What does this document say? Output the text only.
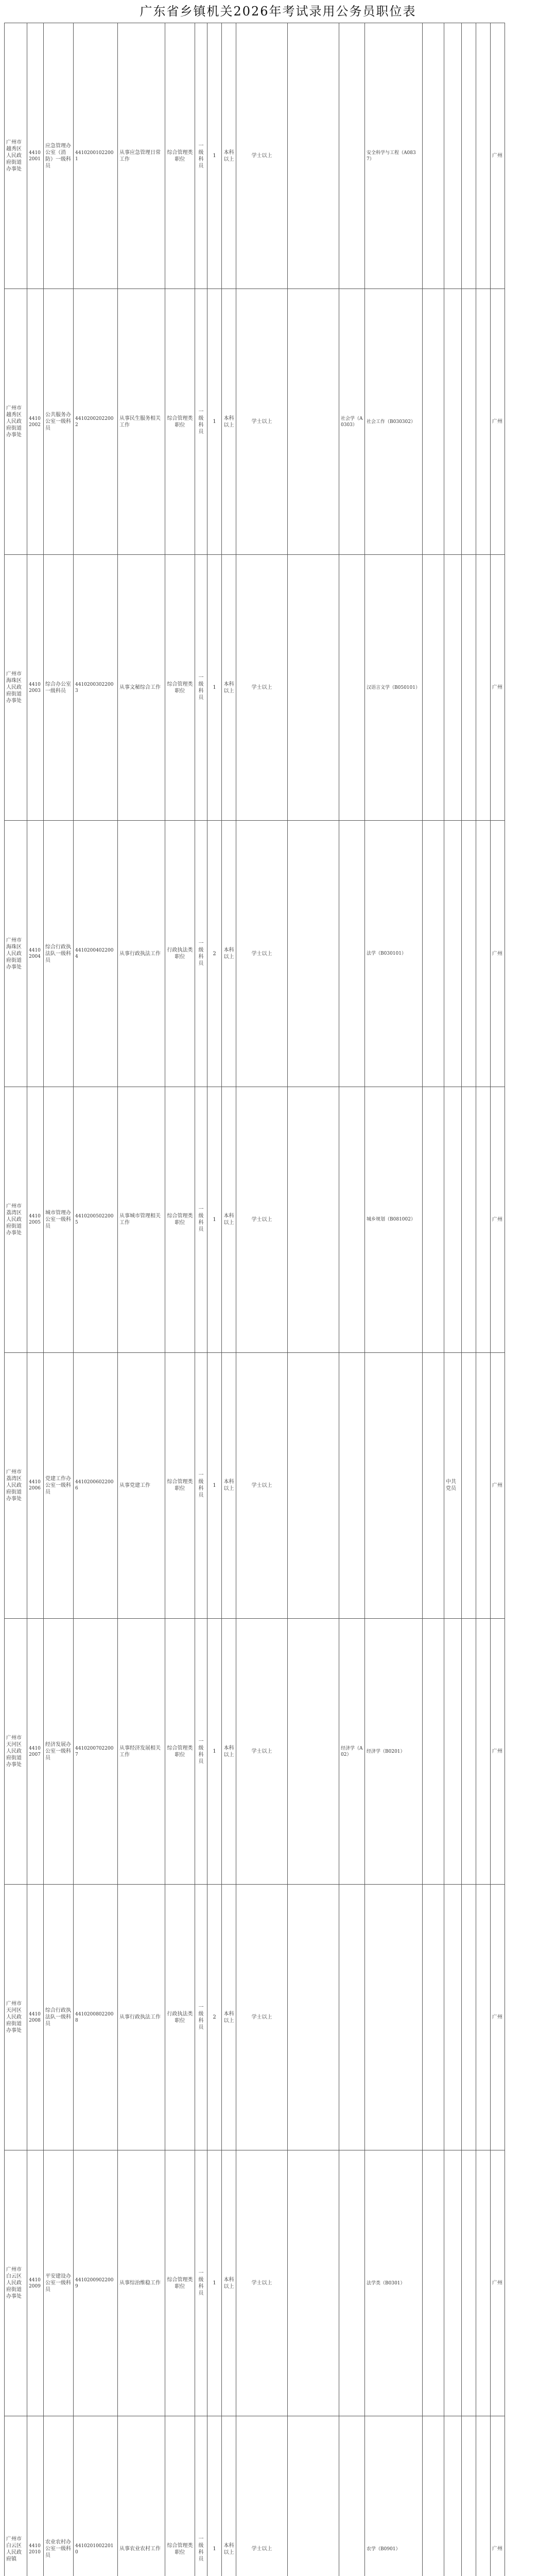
广东省乡镇机关2026年考试录用公务员职位表
广州市越秀区人民政府街道办事处	44102001	应急管理办公室（消防）一级科员	44102001022001	从事应急管理日常工作	综合管理类职位	一级科员	1	本科以上	学士以上			安全科学与工程（A0837）					广州
广州市越秀区人民政府街道办事处	44102002	公共服务办公室一级科员	44102002022002	从事民生服务相关工作	综合管理类职位	一级科员	1	本科以上	学士以上		社会学（A0303）	社会工作（B030302）					广州
广州市海珠区人民政府街道办事处	44102003	综合办公室一级科员	44102003022003	从事文秘综合工作	综合管理类职位	一级科员	1	本科以上	学士以上			汉语言文学（B050101）					广州
广州市海珠区人民政府街道办事处	44102004	综合行政执法队一级科员	44102004022004	从事行政执法工作	行政执法类职位	一级科员	2	本科以上	学士以上			法学（B030101）					广州
广州市荔湾区人民政府街道办事处	44102005	城市管理办公室一级科员	44102005022005	从事城市管理相关工作	综合管理类职位	一级科员	1	本科以上	学士以上			城乡规划（B081002）					广州
广州市荔湾区人民政府街道办事处	44102006	党建工作办公室一级科员	44102006022006	从事党建工作	综合管理类职位	一级科员	1	本科以上	学士以上					中共党员			广州
广州市天河区人民政府街道办事处	44102007	经济发展办公室一级科员	44102007022007	从事经济发展相关工作	综合管理类职位	一级科员	1	本科以上	学士以上		经济学（A02）	经济学（B0201）					广州
广州市天河区人民政府街道办事处	44102008	综合行政执法队一级科员	44102008022008	从事行政执法工作	行政执法类职位	一级科员	2	本科以上	学士以上								广州
广州市白云区人民政府街道办事处	44102009	平安建设办公室一级科员	44102009022009	从事综治维稳工作	综合管理类职位	一级科员	1	本科以上	学士以上			法学类（B0301）					广州
广州市白云区人民政府镇	44102010	农业农村办公室一级科员	44102010022010	从事农业农村工作	综合管理类职位	一级科员	1	本科以上	学士以上			农学（B0901）					广州
